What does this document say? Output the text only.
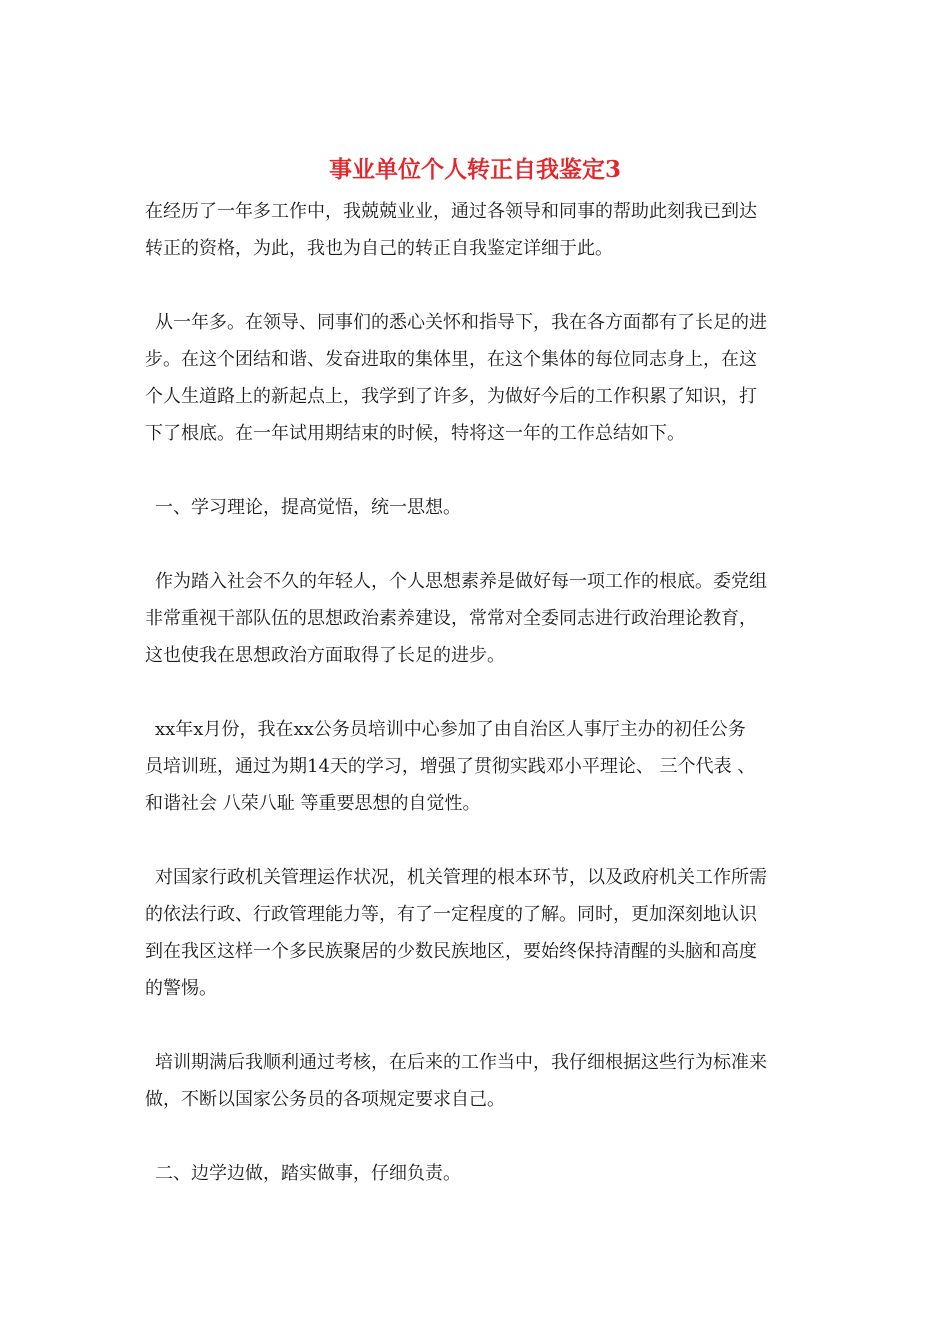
事业单位个人转正自我鉴定3

在经历了一年多工作中，我兢兢业业，通过各领导和同事的帮助此刻我已到达
转正的资格，为此，我也为自己的转正自我鉴定详细于此。

从一年多。在领导、同事们的悉心关怀和指导下，我在各方面都有了长足的进
步。在这个团结和谐、发奋进取的集体里，在这个集体的每位同志身上，在这
个人生道路上的新起点上，我学到了许多，为做好今后的工作积累了知识，打
下了根底。在一年试用期结束的时候，特将这一年的工作总结如下。

一、学习理论，提高觉悟，统一思想。

作为踏入社会不久的年轻人，个人思想素养是做好每一项工作的根底。委党组
非常重视干部队伍的思想政治素养建设，常常对全委同志进行政治理论教育，
这也使我在思想政治方面取得了长足的进步。

xx年x月份，我在xx公务员培训中心参加了由自治区人事厅主办的初任公务
员培训班，通过为期14天的学习，增强了贯彻实践邓小平理论、 三个代表 、
和谐社会 八荣八耻 等重要思想的自觉性。

对国家行政机关管理运作状况，机关管理的根本环节，以及政府机关工作所需
的依法行政、行政管理能力等，有了一定程度的了解。同时，更加深刻地认识
到在我区这样一个多民族聚居的少数民族地区，要始终保持清醒的头脑和高度
的警惕。

培训期满后我顺利通过考核，在后来的工作当中，我仔细根据这些行为标准来
做，不断以国家公务员的各项规定要求自己。

二、边学边做，踏实做事，仔细负责。
